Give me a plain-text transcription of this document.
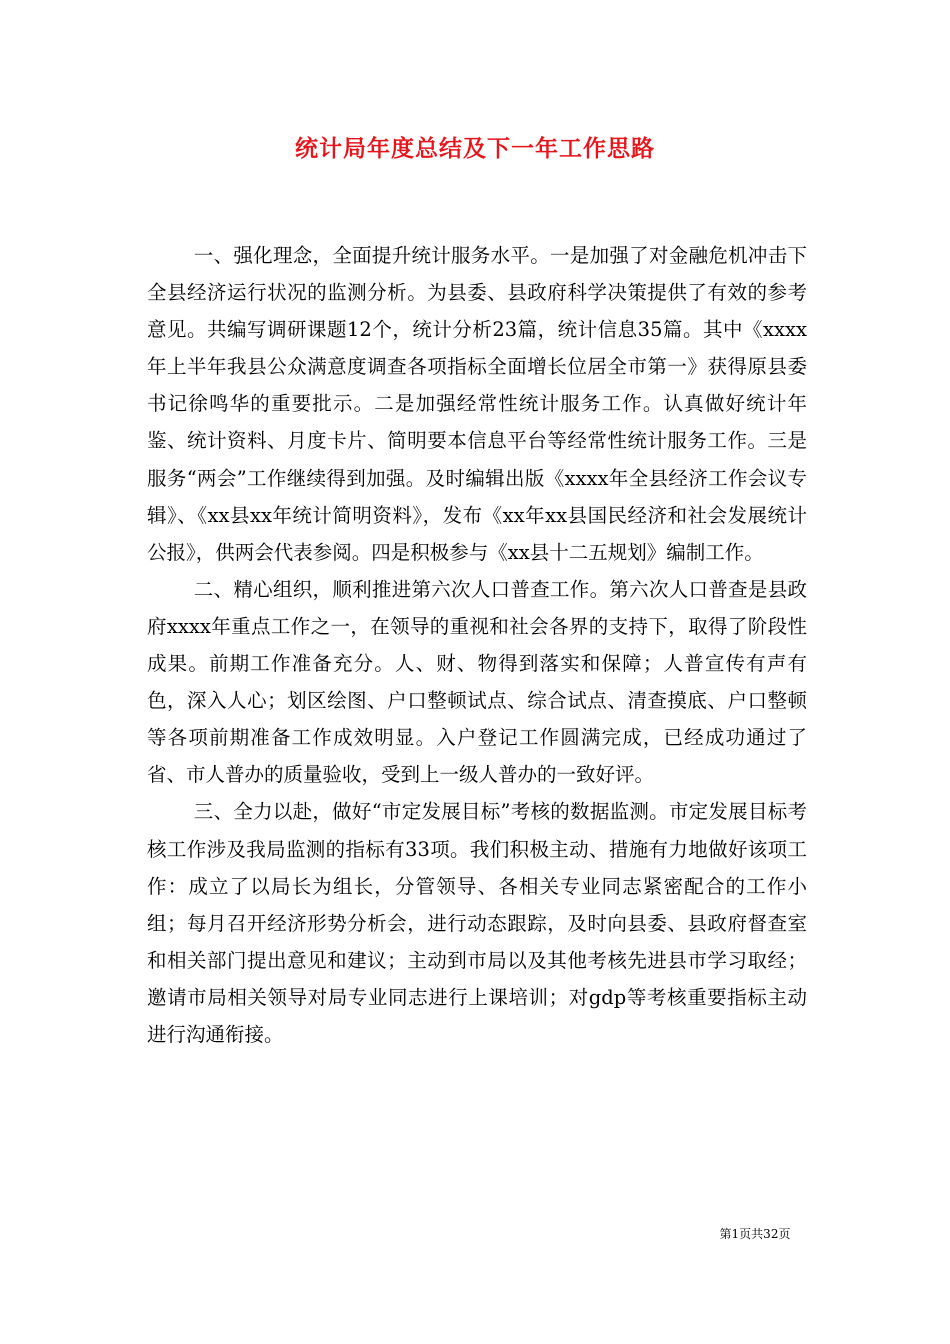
统计局年度总结及下一年工作思路

一、强化理念，全面提升统计服务水平。一是加强了对金融危机冲击下全县经济运行状况的监测分析。为县委、县政府科学决策提供了有效的参考意见。共编写调研课题12个，统计分析23篇，统计信息35篇。其中《xxxx年上半年我县公众满意度调查各项指标全面增长位居全市第一》获得原县委书记徐鸣华的重要批示。二是加强经常性统计服务工作。认真做好统计年鉴、统计资料、月度卡片、简明要本信息平台等经常性统计服务工作。三是服务“两会”工作继续得到加强。及时编辑出版《xxxx年全县经济工作会议专辑》、《xx县xx年统计简明资料》，发布《xx年xx县国民经济和社会发展统计公报》，供两会代表参阅。四是积极参与《xx县十二五规划》编制工作。

二、精心组织，顺利推进第六次人口普查工作。第六次人口普查是县政府xxxx年重点工作之一，在领导的重视和社会各界的支持下，取得了阶段性成果。前期工作准备充分。人、财、物得到落实和保障；人普宣传有声有色，深入人心；划区绘图、户口整顿试点、综合试点、清查摸底、户口整顿等各项前期准备工作成效明显。入户登记工作圆满完成，已经成功通过了省、市人普办的质量验收，受到上一级人普办的一致好评。

三、全力以赴，做好“市定发展目标”考核的数据监测。市定发展目标考核工作涉及我局监测的指标有33项。我们积极主动、措施有力地做好该项工作：成立了以局长为组长，分管领导、各相关专业同志紧密配合的工作小组；每月召开经济形势分析会，进行动态跟踪，及时向县委、县政府督查室和相关部门提出意见和建议；主动到市局以及其他考核先进县市学习取经；邀请市局相关领导对局专业同志进行上课培训；对gdp等考核重要指标主动进行沟通衔接。

第1页共32页
